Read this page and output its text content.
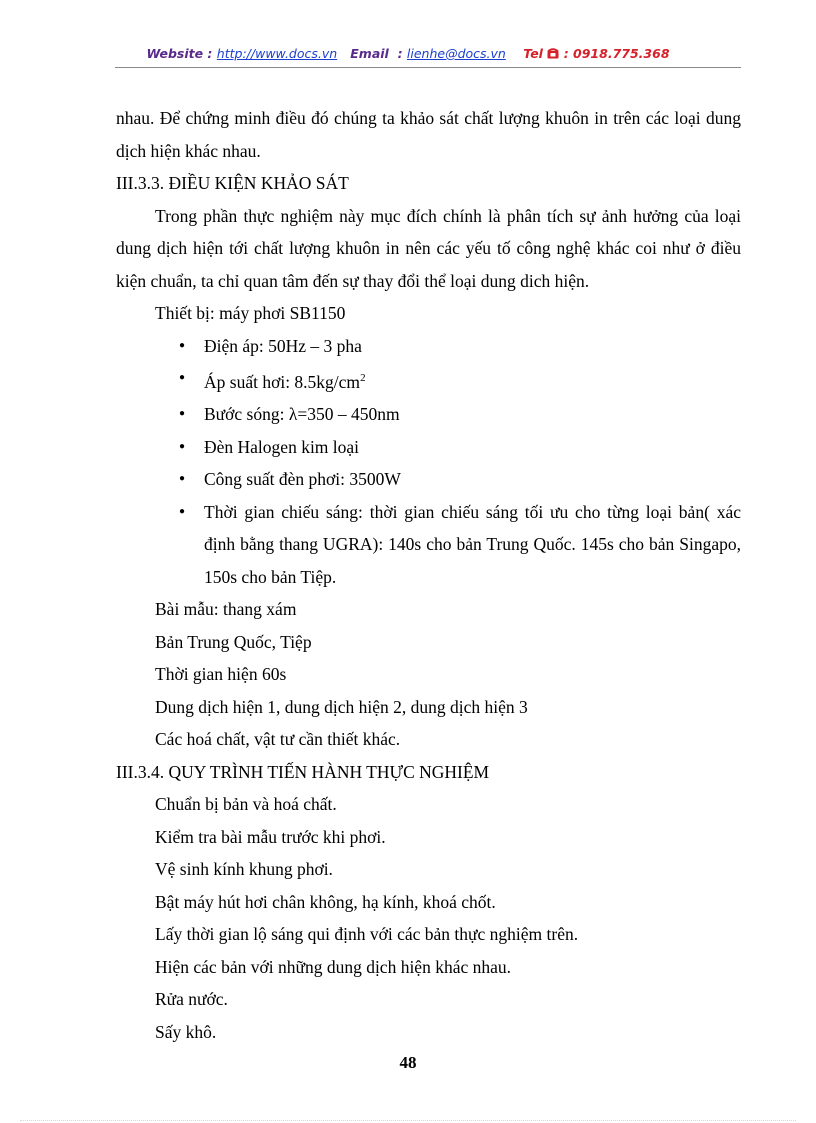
Website : http://www.docs.vn Email : lienhe@docs.vn Tel : 0918.775.368

nhau. Để chứng minh điều đó chúng ta khảo sát chất lượng khuôn in trên các loại dung dịch hiện khác nhau.

III.3.3. ĐIỀU KIỆN KHẢO SÁT

Trong phần thực nghiệm này mục đích chính là phân tích sự ảnh hưởng của loại dung dịch hiện tới chất lượng khuôn in nên các yếu tố công nghệ khác coi như ở điều kiện chuẩn, ta chỉ quan tâm đến sự thay đổi thể loại dung dich hiện.

Thiết bị: máy phơi SB1150

● Điện áp: 50Hz – 3 pha
● Áp suất hơi: $8.5kg/cm^2$
● Bước sóng: λ=350 – 450nm
● Đèn Halogen kim loại
● Công suất đèn phơi: 3500W
● Thời gian chiếu sáng: thời gian chiếu sáng tối ưu cho từng loại bản( xác định bằng thang UGRA): 140s cho bản Trung Quốc. 145s cho bản Singapo, 150s cho bản Tiệp.

Bài mẫu: thang xám

Bản Trung Quốc, Tiệp

Thời gian hiện 60s

Dung dịch hiện 1, dung dịch hiện 2, dung dịch hiện 3

Các hoá chất, vật tư cần thiết khác.

III.3.4. QUY TRÌNH TIẾN HÀNH THỰC NGHIỆM

Chuẩn bị bản và hoá chất.

Kiểm tra bài mẫu trước khi phơi.

Vệ sinh kính khung phơi.

Bật máy hút hơi chân không, hạ kính, khoá chốt.

Lấy thời gian lộ sáng qui định với các bản thực nghiệm trên.

Hiện các bản với những dung dịch hiện khác nhau.

Rửa nước.

Sấy khô.

48
